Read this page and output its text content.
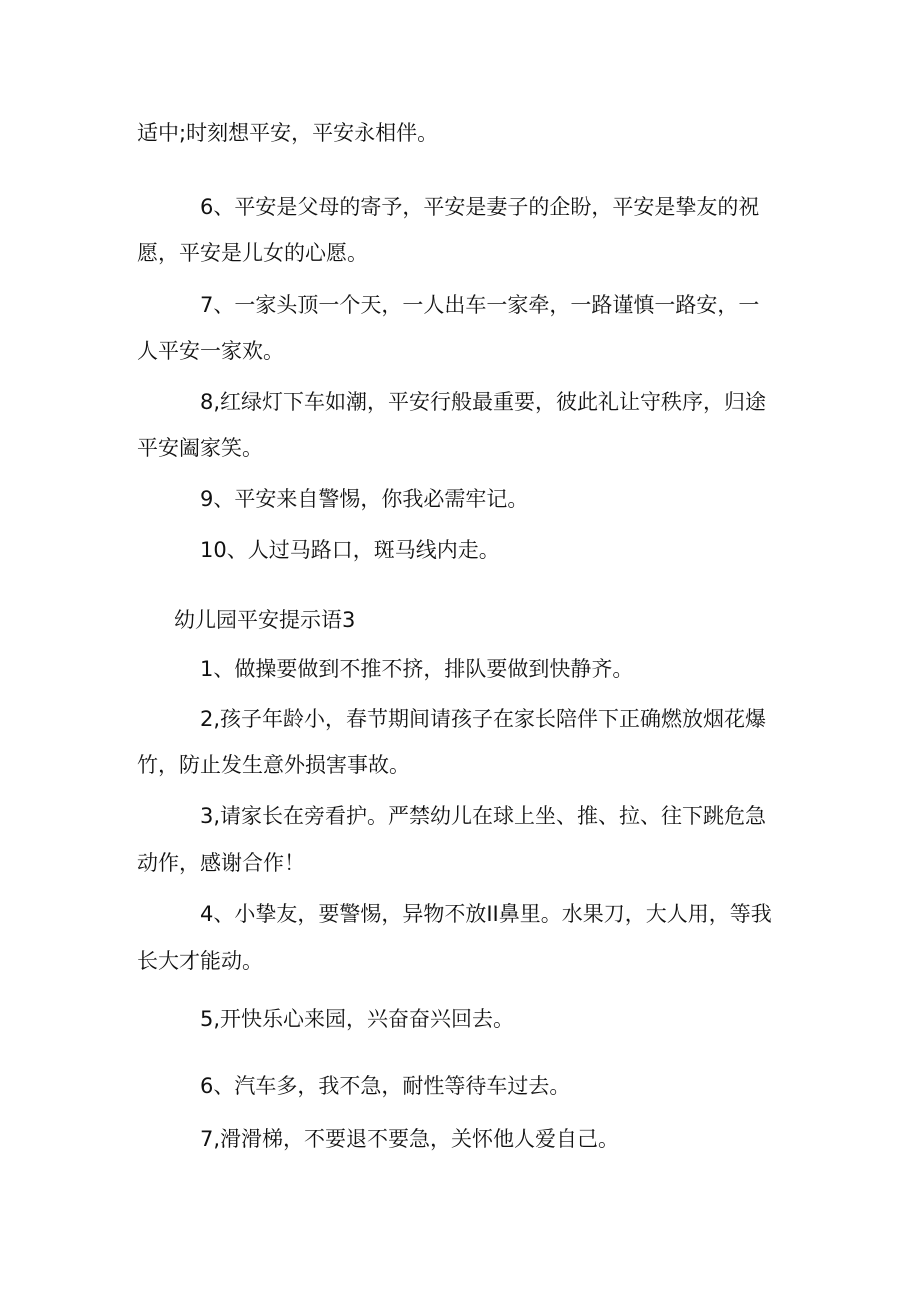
适中;时刻想平安，平安永相伴。
6、平安是父母的寄予，平安是妻子的企盼，平安是挚友的祝
愿，平安是儿女的心愿。
7、一家头顶一个天，一人出车一家牵，一路谨慎一路安，一
人平安一家欢。
8,红绿灯下车如潮，平安行般最重要，彼此礼让守秩序，归途
平安阖家笑。
9、平安来自警惕，你我必需牢记。
10、人过马路口，斑马线内走。
幼儿园平安提示语3
1、做操要做到不推不挤，排队要做到快静齐。
2,孩子年龄小，春节期间请孩子在家长陪伴下正确燃放烟花爆
竹，防止发生意外损害事故。
3,请家长在旁看护。严禁幼儿在球上坐、推、拉、往下跳危急
动作，感谢合作！
4、小挚友，要警惕，异物不放II鼻里。水果刀，大人用，等我
长大才能动。
5,开快乐心来园，兴奋奋兴回去。
6、汽车多，我不急，耐性等待车过去。
7,滑滑梯，不要退不要急，关怀他人爱自己。
